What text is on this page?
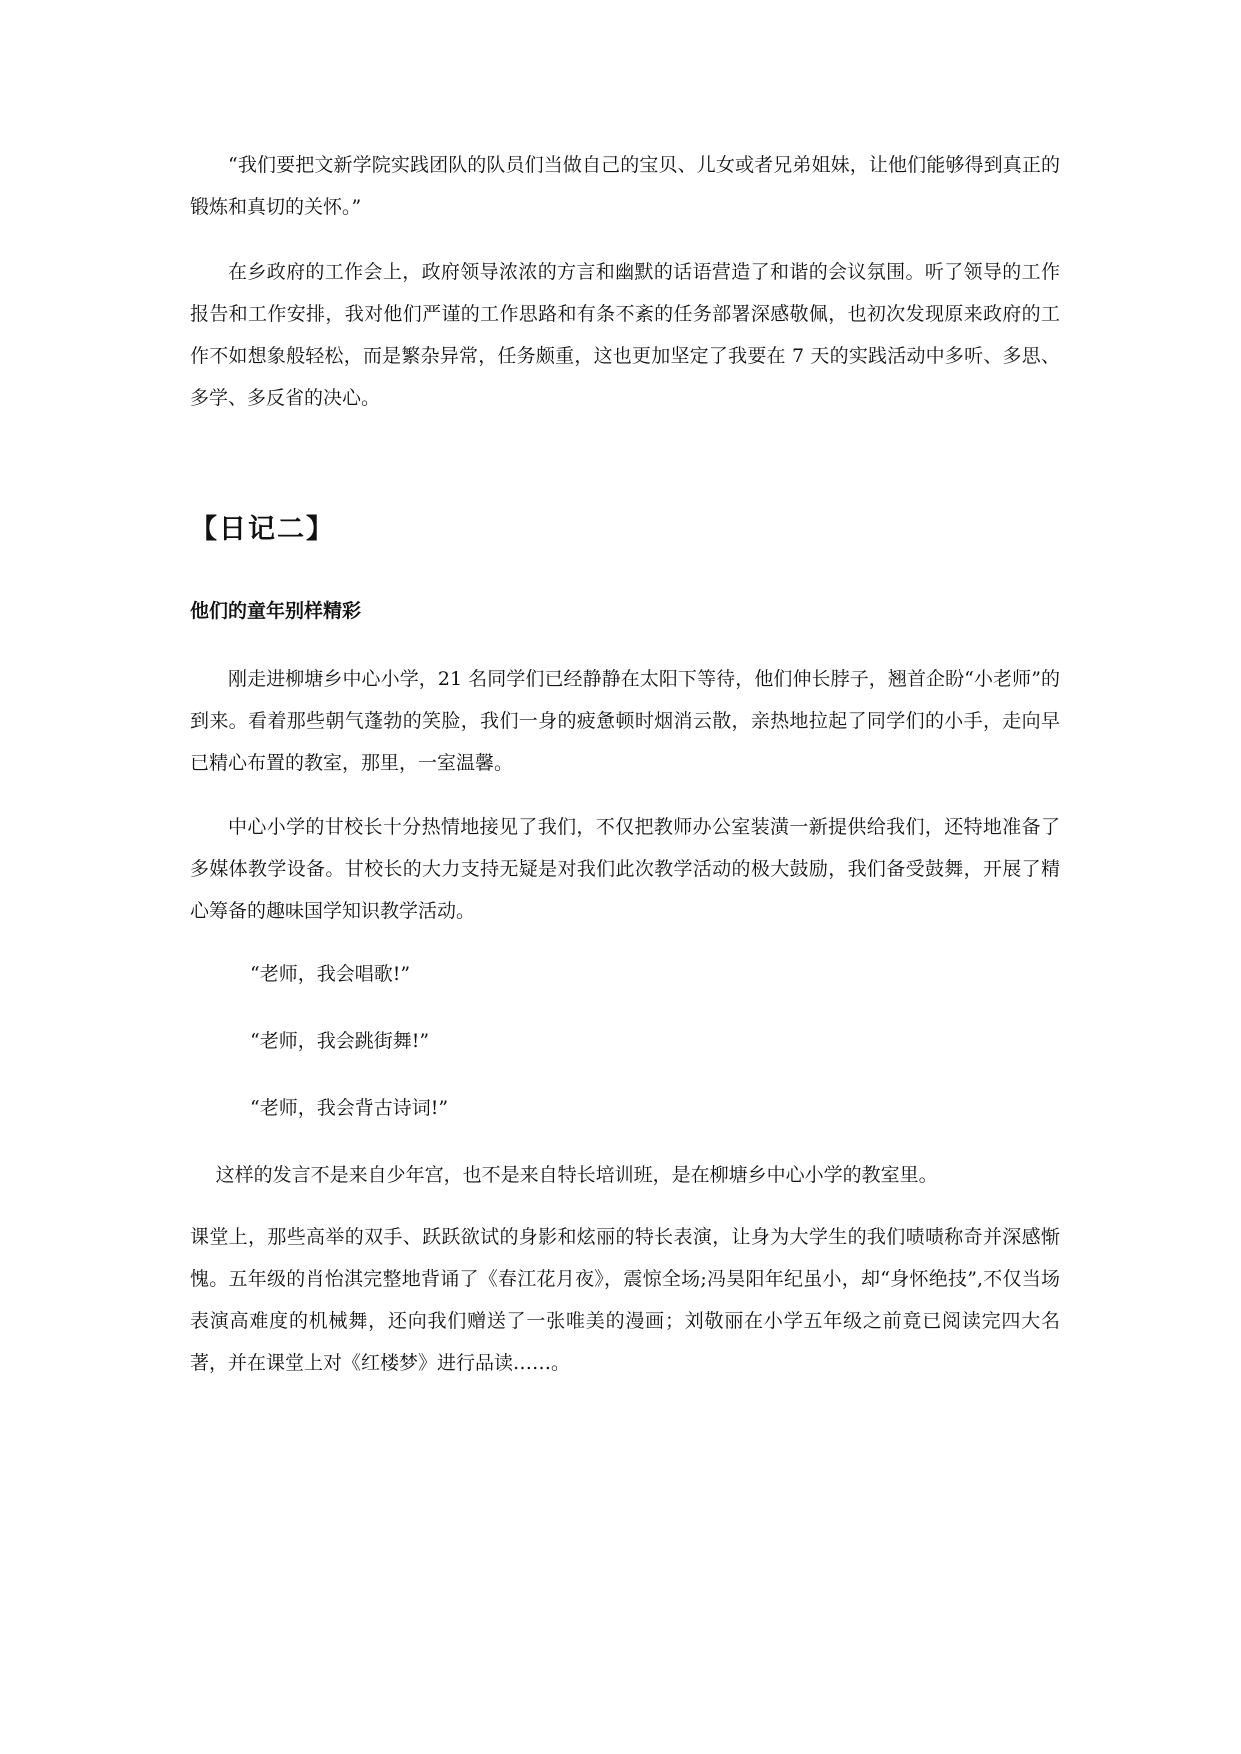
“我们要把文新学院实践团队的队员们当做自己的宝贝、儿女或者兄弟姐妹，让他们能够得到真正的锻炼和真切的关怀。”

在乡政府的工作会上，政府领导浓浓的方言和幽默的话语营造了和谐的会议氛围。听了领导的工作报告和工作安排，我对他们严谨的工作思路和有条不紊的任务部署深感敬佩，也初次发现原来政府的工作不如想象般轻松，而是繁杂异常，任务颇重，这也更加坚定了我要在 7 天的实践活动中多听、多思、多学、多反省的决心。

【日记二】
他们的童年别样精彩

刚走进柳塘乡中心小学，21 名同学们已经静静在太阳下等待，他们伸长脖子，翘首企盼“小老师”的到来。看着那些朝气蓬勃的笑脸，我们一身的疲惫顿时烟消云散，亲热地拉起了同学们的小手，走向早已精心布置的教室，那里，一室温馨。

中心小学的甘校长十分热情地接见了我们，不仅把教师办公室装潢一新提供给我们，还特地准备了多媒体教学设备。甘校长的大力支持无疑是对我们此次教学活动的极大鼓励，我们备受鼓舞，开展了精心筹备的趣味国学知识教学活动。

“老师，我会唱歌!”

“老师，我会跳街舞!”

“老师，我会背古诗词!”

这样的发言不是来自少年宫，也不是来自特长培训班，是在柳塘乡中心小学的教室里。

课堂上，那些高举的双手、跃跃欲试的身影和炫丽的特长表演，让身为大学生的我们啧啧称奇并深感惭愧。五年级的肖怡淇完整地背诵了《春江花月夜》，震惊全场;冯昊阳年纪虽小，却“身怀绝技”,不仅当场表演高难度的机械舞，还向我们赠送了一张唯美的漫画；刘敬丽在小学五年级之前竟已阅读完四大名著，并在课堂上对《红楼梦》进行品读……。
